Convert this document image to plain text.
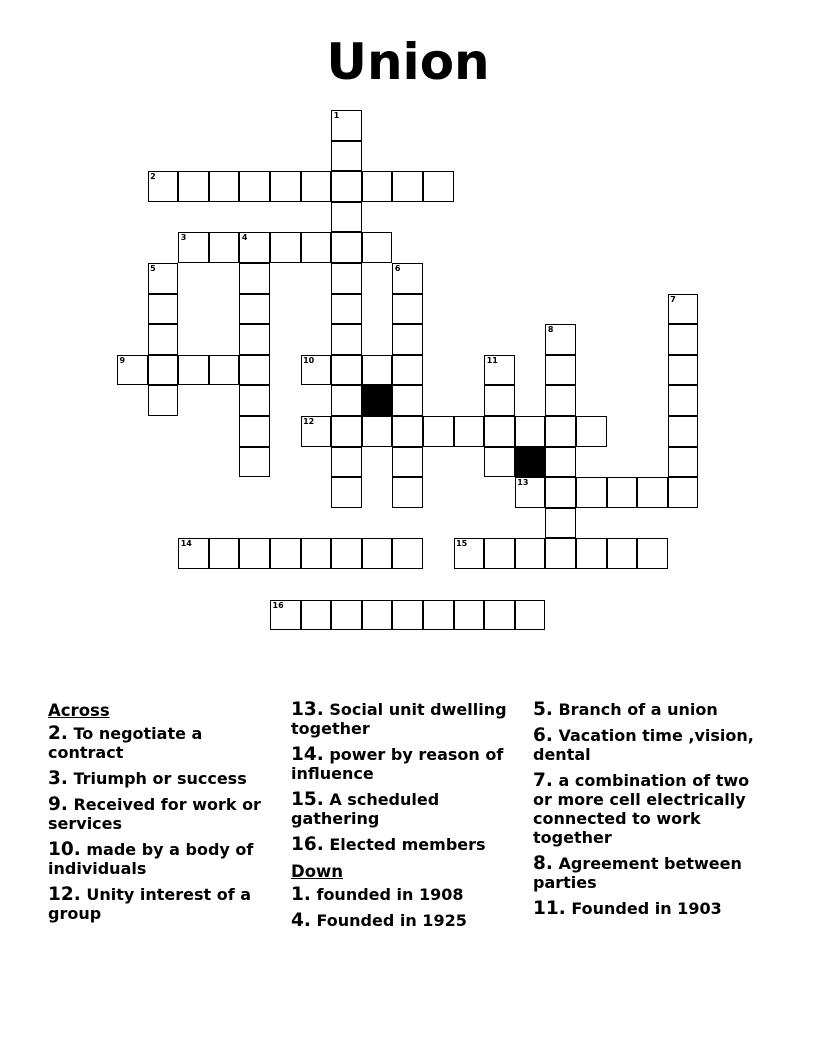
Union
1
2
3	4
5	6
7
8
9	10	11
12
13
14	15
16
Across
2. To negotiate a contract
3. Triumph or success
9. Received for work or services
10. made by a body of individuals
12. Unity interest of a group
13. Social unit dwelling together
14. power by reason of influence
15. A scheduled gathering
16. Elected members
Down
1. founded in 1908
4. Founded in 1925
5. Branch of a union
6. Vacation time ,vision, dental
7. a combination of two or more cell electrically connected to work together
8. Agreement between parties
11. Founded in 1903
